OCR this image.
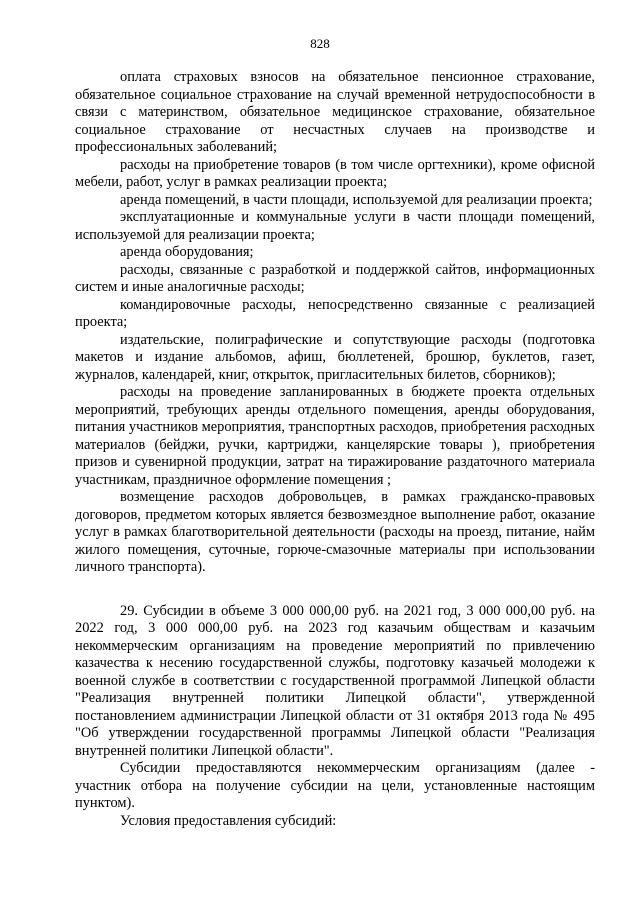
828

оплата страховых взносов на обязательное пенсионное страхование, обязательное социальное страхование на случай временной нетрудоспособности в связи с материнством, обязательное медицинское страхование, обязательное социальное страхование от несчастных случаев на производстве и профессиональных заболеваний;

расходы на приобретение товаров (в том числе оргтехники), кроме офисной мебели, работ, услуг в рамках реализации проекта;

аренда помещений, в части площади, используемой для реализации проекта;

эксплуатационные и коммунальные услуги в части площади помещений, используемой для реализации проекта;

аренда оборудования;

расходы, связанные с разработкой и поддержкой сайтов, информационных систем и иные аналогичные расходы;

командировочные расходы, непосредственно связанные с реализацией проекта;

издательские, полиграфические и сопутствующие расходы (подготовка макетов и издание альбомов, афиш, бюллетеней, брошюр, буклетов, газет, журналов, календарей, книг, открыток, пригласительных билетов, сборников);

расходы на проведение запланированных в бюджете проекта отдельных мероприятий, требующих аренды отдельного помещения, аренды оборудования, питания участников мероприятия, транспортных расходов, приобретения расходных материалов (бейджи, ручки, картриджи, канцелярские товары ), приобретения призов и сувенирной продукции, затрат на тиражирование раздаточного материала участникам, праздничное оформление помещения ;

возмещение расходов добровольцев, в рамках гражданско-правовых договоров, предметом которых является безвозмездное выполнение работ, оказание услуг в рамках благотворительной деятельности (расходы на проезд, питание, найм жилого помещения, суточные, горюче-смазочные материалы при использовании личного транспорта).

29. Субсидии в объеме 3 000 000,00 руб. на 2021 год, 3 000 000,00 руб. на 2022 год, 3 000 000,00 руб. на 2023 год казачьим обществам и казачьим некоммерческим организациям на проведение мероприятий по привлечению казачества к несению государственной службы, подготовку казачьей молодежи к военной службе в соответствии с государственной программой Липецкой области "Реализация внутренней политики Липецкой области", утвержденной постановлением администрации Липецкой области от 31 октября 2013 года № 495 "Об утверждении государственной программы Липецкой области "Реализация внутренней политики Липецкой области".

Субсидии предоставляются некоммерческим организациям (далее - участник отбора на получение субсидии на цели, установленные настоящим пунктом).

Условия предоставления субсидий:
